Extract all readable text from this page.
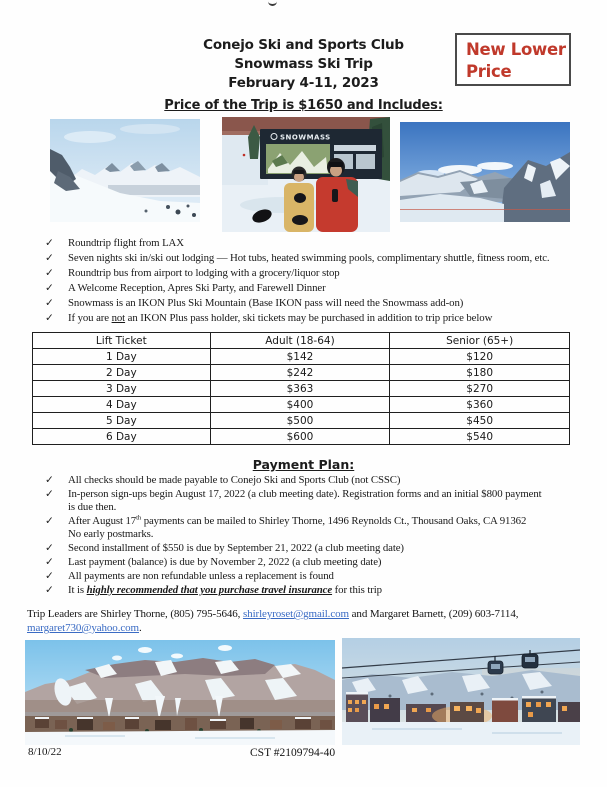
Conejo Ski and Sports Club
Snowmass Ski Trip
February 4-11, 2023
Price of the Trip is $1650 and Includes:
New Lower
Price
SNOWMASS
✓	Roundtrip flight from LAX
✓	Seven nights ski in/ski out lodging — Hot tubs, heated swimming pools, complimentary shuttle, fitness room, etc.
✓	Roundtrip bus from airport to lodging with a grocery/liquor stop
✓	A Welcome Reception, Apres Ski Party, and Farewell Dinner
✓	Snowmass is an IKON Plus Ski Mountain (Base IKON pass will need the Snowmass add-on)
✓	If you are not an IKON Plus pass holder, ski tickets may be purchased in addition to trip price below
Lift Ticket	Adult (18-64)	Senior (65+)
1 Day	$142	$120
2 Day	$242	$180
3 Day	$363	$270
4 Day	$400	$360
5 Day	$500	$450
6 Day	$600	$540
Payment Plan:
✓	All checks should be made payable to Conejo Ski and Sports Club (not CSSC)
✓	In-person sign-ups begin August 17, 2022 (a club meeting date). Registration forms and an initial $800 payment
is due then.
✓	After August 17th payments can be mailed to Shirley Thorne, 1496 Reynolds Ct., Thousand Oaks, CA 91362
No early postmarks.
✓	Second installment of $550 is due by September 21, 2022 (a club meeting date)
✓	Last payment (balance) is due by November 2, 2022 (a club meeting date)
✓	All payments are non refundable unless a replacement is found
✓	It is highly recommended that you purchase travel insurance for this trip

Trip Leaders are Shirley Thorne, (805) 795-5646, shirleyroset@gmail.com and Margaret Barnett, (209) 603-7114, margaret730@yahoo.com.

8/10/22	CST #2109794-40
